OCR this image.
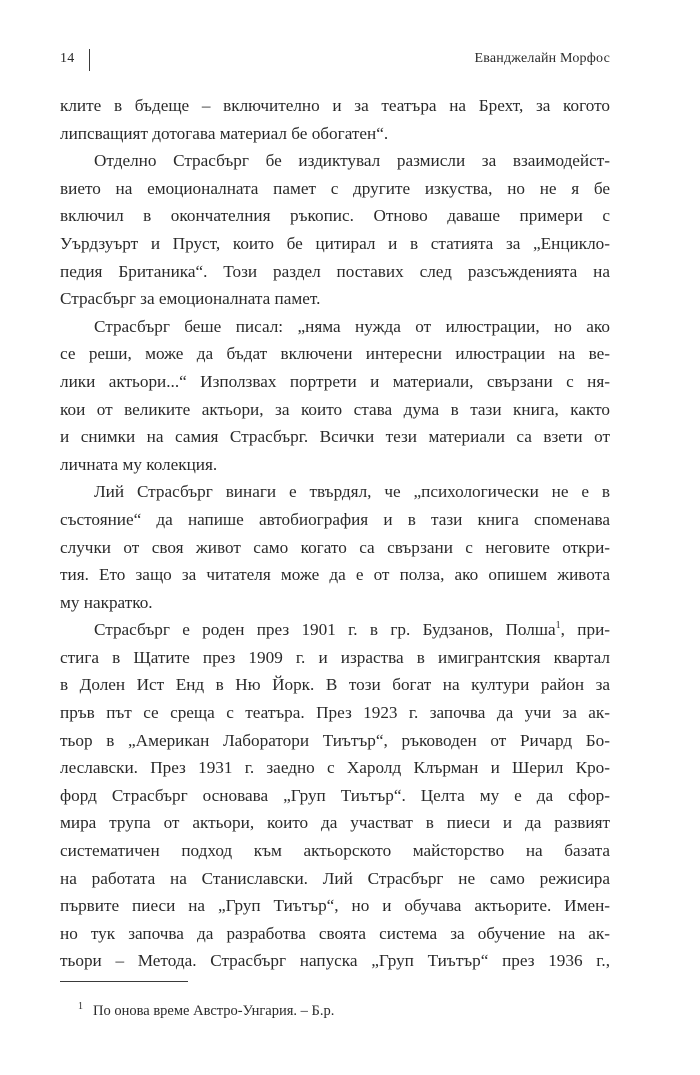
14	Еванджелайн Морфос
клите в бъдеще – включително и за театъра на Брехт, за когото
липсващият дотогава материал бе обогатен“.
Отделно Страсбърг бе издиктувал размисли за взаимодейст-
вието на емоционалната памет с другите изкуства, но не я бе
включил в окончателния ръкопис. Отново даваше примери с
Уърдзуърт и Пруст, които бе цитирал и в статията за „Енцикло-
педия Британика“. Този раздел поставих след разсъжденията на
Страсбърг за емоционалната памет.
Страсбърг беше писал: „няма нужда от илюстрации, но ако
се реши, може да бъдат включени интересни илюстрации на ве-
лики актьори...“ Използвах портрети и материали, свързани с ня-
кои от великите актьори, за които става дума в тази книга, както
и снимки на самия Страсбърг. Всички тези материали са взети от
личната му колекция.
Лий Страсбърг винаги е твърдял, че „психологически не е в
състояние“ да напише автобиография и в тази книга споменава
случки от своя живот само когато са свързани с неговите откри-
тия. Ето защо за читателя може да е от полза, ако опишем живота
му накратко.
Страсбърг е роден през 1901 г. в гр. Будзанов, Полша$^1$, при-
стига в Щатите през 1909 г. и израства в имигрантския квартал
в Долен Ист Енд в Ню Йорк. В този богат на култури район за
пръв път се среща с театъра. През 1923 г. започва да учи за ак-
тьор в „Американ Лаборатори Тиътър“, ръководен от Ричард Бо-
леславски. През 1931 г. заедно с Харолд Клърман и Шерил Кро-
форд Страсбърг основава „Груп Тиътър“. Целта му е да сфор-
мира трупа от актьори, които да участват в пиеси и да развият
систематичен подход към актьорското майсторство на базата
на работата на Станиславски. Лий Страсбърг не само режисира
първите пиеси на „Груп Тиътър“, но и обучава актьорите. Имен-
но тук започва да разработва своята система за обучение на ак-
тьори – Метода. Страсбърг напуска „Груп Тиътър“ през 1936 г.,
$^1$ По онова време Австро-Унгария. – Б.р.
